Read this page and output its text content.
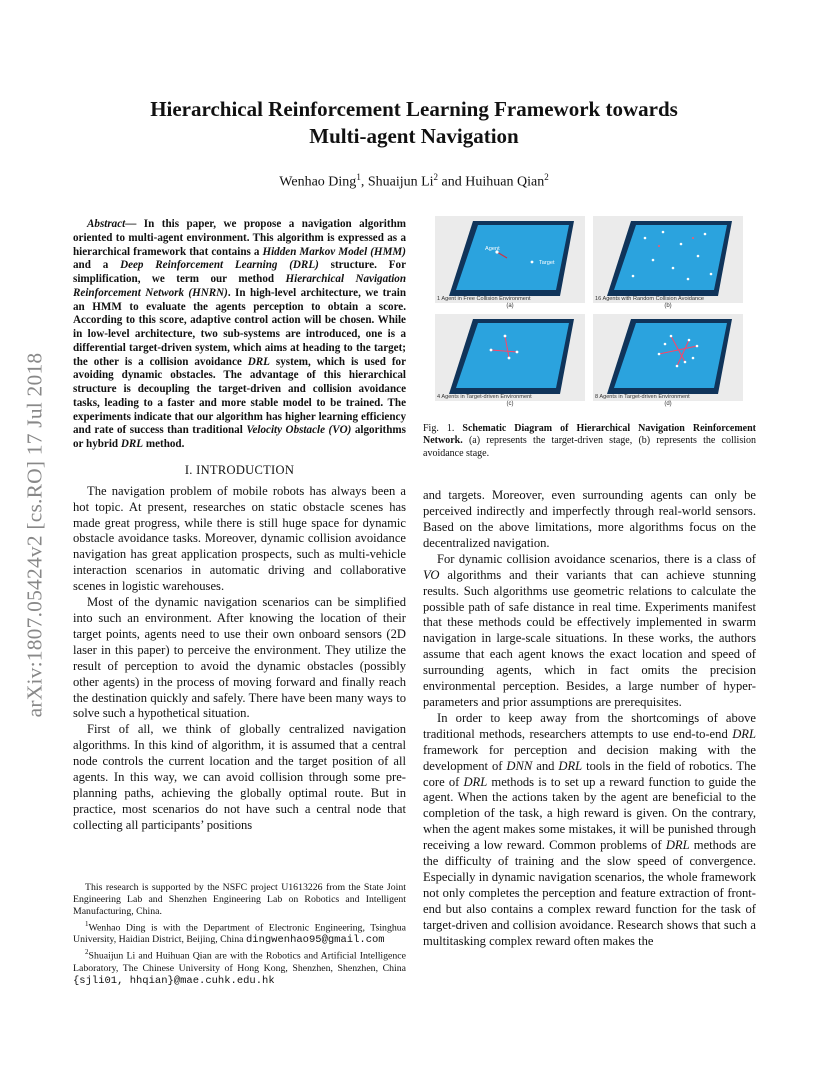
arXiv:1807.05424v2 [cs.RO] 17 Jul 2018
Hierarchical Reinforcement Learning Framework towards
Multi-agent Navigation
Wenhao Ding$^1$, Shuaijun Li$^2$ and Huihuan Qian$^2$

Abstract— In this paper, we propose a navigation algorithm oriented to multi-agent environment. This algorithm is expressed as a hierarchical framework that contains a Hidden Markov Model (HMM) and a Deep Reinforcement Learning (DRL) structure. For simplification, we term our method Hierarchical Navigation Reinforcement Network (HNRN). In high-level architecture, we train an HMM to evaluate the agents perception to obtain a score. According to this score, adaptive control action will be chosen. While in low-level architecture, two sub-systems are introduced, one is a differential target-driven system, which aims at heading to the target; the other is a collision avoidance DRL system, which is used for avoiding dynamic obstacles. The advantage of this hierarchical structure is decoupling the target-driven and collision avoidance tasks, leading to a faster and more stable model to be trained. The experiments indicate that our algorithm has higher learning efficiency and rate of success than traditional Velocity Obstacle (VO) algorithms or hybrid DRL method.

I. INTRODUCTION

The navigation problem of mobile robots has always been a hot topic. At present, researches on static obstacle scenes has made great progress, while there is still huge space for dynamic obstacle avoidance tasks. Moreover, dynamic collision avoidance navigation has great application prospects, such as multi-vehicle interaction scenarios in automatic driving and collaborative scenes in logistic warehouses.

Most of the dynamic navigation scenarios can be simplified into such an environment. After knowing the location of their target points, agents need to use their own onboard sensors (2D laser in this paper) to perceive the environment. They utilize the result of perception to avoid the dynamic obstacles (possibly other agents) in the process of moving forward and finally reach the destination quickly and safely. There have been many ways to solve such a hypothetical situation.

First of all, we think of globally centralized navigation algorithms. In this kind of algorithm, it is assumed that a central node controls the current location and the target position of all agents. In this way, we can avoid collision through some pre-planning paths, achieving the globally optimal route. But in practice, most scenarios do not have such a central node that collecting all participants’ positions

This research is supported by the NSFC project U1613226 from the State Joint Engineering Lab and Shenzhen Engineering Lab on Robotics and Intelligent Manufacturing, China.

$^1$Wenhao Ding is with the Department of Electronic Engineering, Tsinghua University, Haidian District, Beijing, China dingwenhao95@gmail.com

$^2$Shuaijun Li and Huihuan Qian are with the Robotics and Artificial Intelligence Laboratory, The Chinese University of Hong Kong, Shenzhen, Shenzhen, China {sjli01, hhqian}@mae.cuhk.edu.hk

Agent
Target
1 Agent in Free Collision Environment
(a)
16 Agents with Random Collision Avoidance
(b)
4 Agents in Target-driven Environment
(c)
8 Agents in Target-driven Environment
(d)
Fig. 1. Schematic Diagram of Hierarchical Navigation Reinforcement Network. (a) represents the target-driven stage, (b) represents the collision avoidance stage.

and targets. Moreover, even surrounding agents can only be perceived indirectly and imperfectly through real-world sensors. Based on the above limitations, more algorithms focus on the decentralized navigation.

For dynamic collision avoidance scenarios, there is a class of VO algorithms and their variants that can achieve stunning results. Such algorithms use geometric relations to calculate the possible path of safe distance in real time. Experiments manifest that these methods could be effectively implemented in swarm navigation in large-scale situations. In these works, the authors assume that each agent knows the exact location and speed of surrounding agents, which in fact omits the precision environmental perception. Besides, a large number of hyper-parameters and prior assumptions are prerequisites.

In order to keep away from the shortcomings of above traditional methods, researchers attempts to use end-to-end DRL framework for perception and decision making with the development of DNN and DRL tools in the field of robotics. The core of DRL methods is to set up a reward function to guide the agent. When the actions taken by the agent are beneficial to the completion of the task, a high reward is given. On the contrary, when the agent makes some mistakes, it will be punished through receiving a low reward. Common problems of DRL methods are the difficulty of training and the slow speed of convergence. Especially in dynamic navigation scenarios, the whole framework not only completes the perception and feature extraction of front-end but also contains a complex reward function for the task of target-driven and collision avoidance. Research shows that such a multitasking complex reward often makes the
